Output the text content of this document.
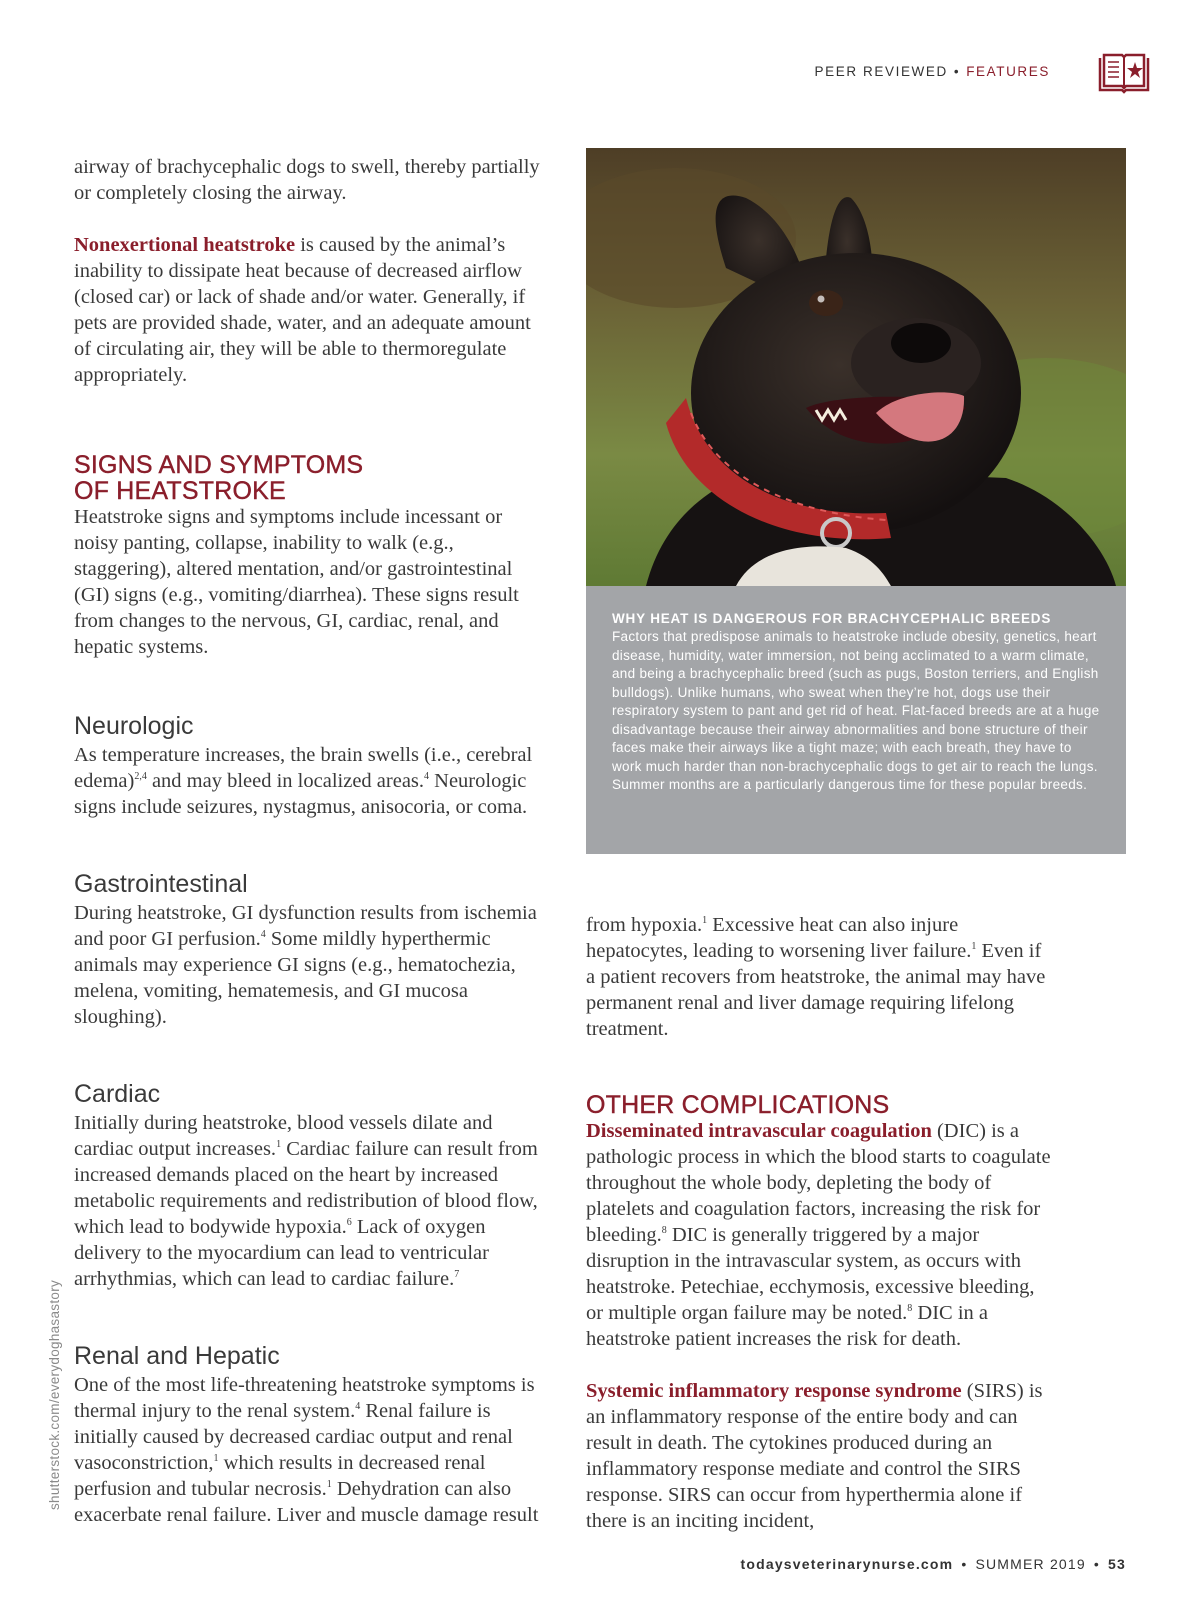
PEER REVIEWED • FEATURES

airway of brachycephalic dogs to swell, thereby partially or completely closing the airway.

Nonexertional heatstroke is caused by the animal’s inability to dissipate heat because of decreased airflow (closed car) or lack of shade and/or water. Generally, if pets are provided shade, water, and an adequate amount of circulating air, they will be able to thermoregulate appropriately.

SIGNS AND SYMPTOMS
OF HEATSTROKE

Heatstroke signs and symptoms include incessant or noisy panting, collapse, inability to walk (e.g., staggering), altered mentation, and/or gastrointestinal (GI) signs (e.g., vomiting/diarrhea). These signs result from changes to the nervous, GI, cardiac, renal, and hepatic systems.

Neurologic

As temperature increases, the brain swells (i.e., cerebral edema)$^{2,4}$ and may bleed in localized areas.$^4$ Neurologic signs include seizures, nystagmus, anisocoria, or coma.

Gastrointestinal

During heatstroke, GI dysfunction results from ischemia and poor GI perfusion.$^4$ Some mildly hyperthermic animals may experience GI signs (e.g., hematochezia, melena, vomiting, hematemesis, and GI mucosa sloughing).

Cardiac

Initially during heatstroke, blood vessels dilate and cardiac output increases.$^1$ Cardiac failure can result from increased demands placed on the heart by increased metabolic requirements and redistribution of blood flow, which lead to bodywide hypoxia.$^6$ Lack of oxygen delivery to the myocardium can lead to ventricular arrhythmias, which can lead to cardiac failure.$^7$

Renal and Hepatic

One of the most life-threatening heatstroke symptoms is thermal injury to the renal system.$^4$ Renal failure is initially caused by decreased cardiac output and renal vasoconstriction,$^1$ which results in decreased renal perfusion and tubular necrosis.$^1$ Dehydration can also exacerbate renal failure. Liver and muscle damage result

WHY HEAT IS DANGEROUS FOR BRACHYCEPHALIC BREEDS
Factors that predispose animals to heatstroke include obesity, genetics, heart disease, humidity, water immersion, not being acclimated to a warm climate, and being a brachycephalic breed (such as pugs, Boston terriers, and English bulldogs). Unlike humans, who sweat when they’re hot, dogs use their respiratory system to pant and get rid of heat. Flat-faced breeds are at a huge disadvantage because their airway abnormalities and bone structure of their faces make their airways like a tight maze; with each breath, they have to work much harder than non-brachycephalic dogs to get air to reach the lungs. Summer months are a particularly dangerous time for these popular breeds.

from hypoxia.$^1$ Excessive heat can also injure hepatocytes, leading to worsening liver failure.$^1$ Even if a patient recovers from heatstroke, the animal may have permanent renal and liver damage requiring lifelong treatment.

OTHER COMPLICATIONS

Disseminated intravascular coagulation (DIC) is a pathologic process in which the blood starts to coagulate throughout the whole body, depleting the body of platelets and coagulation factors, increasing the risk for bleeding.$^8$ DIC is generally triggered by a major disruption in the intravascular system, as occurs with heatstroke. Petechiae, ecchymosis, excessive bleeding, or multiple organ failure may be noted.$^8$ DIC in a heatstroke patient increases the risk for death.

Systemic inflammatory response syndrome (SIRS) is an inflammatory response of the entire body and can result in death. The cytokines produced during an inflammatory response mediate and control the SIRS response. SIRS can occur from hyperthermia alone if there is an inciting incident,

shutterstock.com/everydoghasastory
todaysveterinarynurse.com • SUMMER 2019 • 53
